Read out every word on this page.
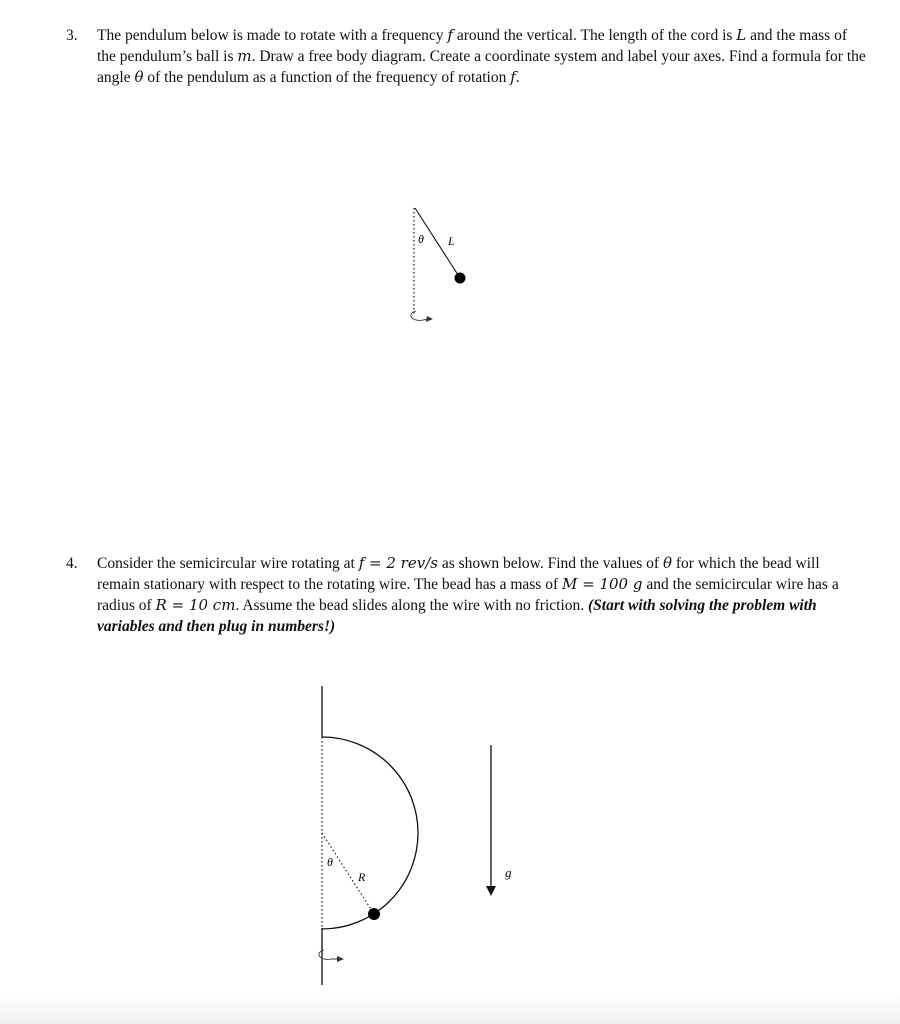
3. The pendulum below is made to rotate with a frequency f around the vertical. The length of the cord is L and the mass of the pendulum’s ball is m. Draw a free body diagram. Create a coordinate system and label your axes. Find a formula for the angle θ of the pendulum as a function of the frequency of rotation f.
θ L
4. Consider the semicircular wire rotating at f = 2 rev/s as shown below. Find the values of θ for which the bead will remain stationary with respect to the rotating wire. The bead has a mass of M = 100 g and the semicircular wire has a radius of R = 10 cm. Assume the bead slides along the wire with no friction. (Start with solving the problem with variables and then plug in numbers!)
θ
R	g
